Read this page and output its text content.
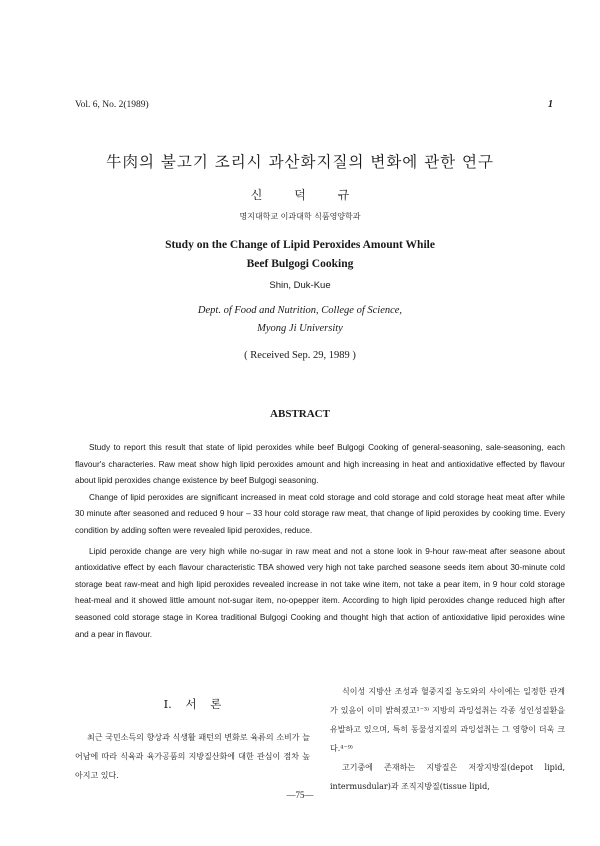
Vol. 6, No. 2(1989)	1
牛肉의 불고기 조리시 과산화지질의 변화에 관한 연구
신 덕 규
명지대학교 이과대학 식품영양학과
Study on the Change of Lipid Peroxides Amount While
Beef Bulgogi Cooking
Shin, Duk-Kue
Dept. of Food and Nutrition, College of Science,
Myong Ji University
( Received Sep. 29, 1989 )
ABSTRACT

Study to report this result that state of lipid peroxides while beef Bulgogi Cooking of general-seasoning, sale-seasoning, each flavour's characteries. Raw meat show high lipid peroxides amount and high increasing in heat and antioxidative effected by flavour about lipid peroxides change existence by beef Bulgogi seasoning.

Change of lipid peroxides are significant increased in meat cold storage and cold storage and cold storage heat meat after while 30 minute after seasoned and reduced 9 hour – 33 hour cold storage raw meat, that change of lipid peroxides by cooking time. Every condition by adding soften were revealed lipid peroxides, reduce.

Lipid peroxide change are very high while no-sugar in raw meat and not a stone look in 9-hour raw-meat after seasone about antioxidative effect by each flavour characteristic TBA showed very high not take parched seasone seeds item about 30-minute cold storage beat raw-meat and high lipid peroxides revealed increase in not take wine item, not take a pear item, in 9 hour cold storage heat-meal and it showed little amount not-sugar item, no-opepper item. According to high lipid peroxides change reduced high after seasoned cold storage stage in Korea traditional Bulgogi Cooking and thought high that action of antioxidative lipid peroxides wine and a pear in flavour.

I. 서 론

최근 국민소득의 향상과 식생활 패턴의 변화로 육류의 소비가 늘어남에 따라 식육과 육가공품의 지방질산화에 대한 관심이 점차 높아지고 있다.

식이성 지방산 조성과 혈중지질 농도와의 사이에는 일정한 관계가 있음이 이미 밝혀졌고¹⁻³⁾ 지방의 과잉섭취는 각종 성인성질환을 유발하고 있으며, 특히 동물성지질의 과잉섭취는 그 영향이 더욱 크다.⁴⁻⁹⁾

고기중에 존재하는 지방질은 저장지방질(depot lipid, intermusdular)과 조직지방질(tissue lipid,

—75—
